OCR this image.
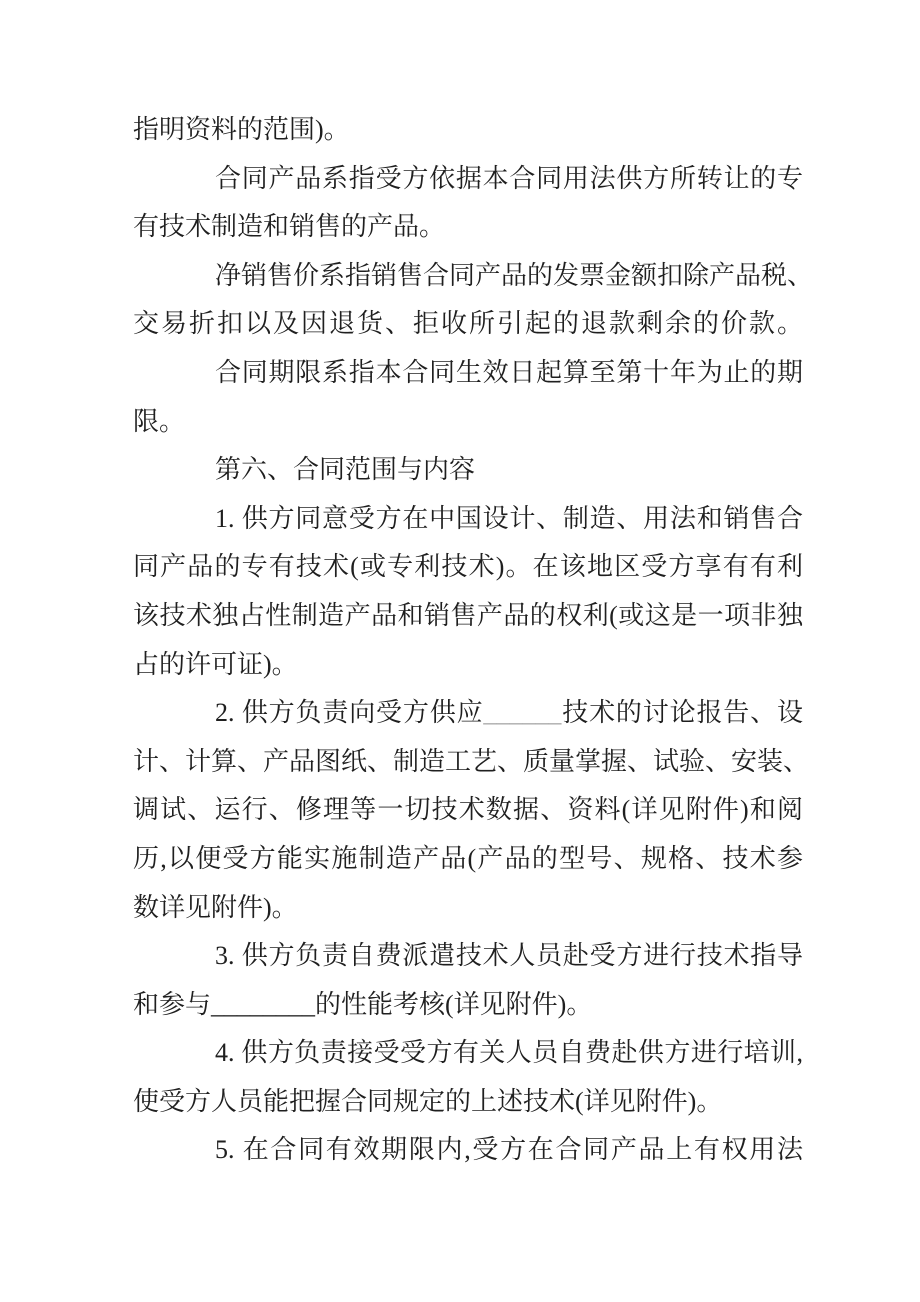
指明资料的范围)。
合同产品系指受方依据本合同用法供方所转让的专
有技术制造和销售的产品。
净销售价系指销售合同产品的发票金额扣除产品税、
交易折扣以及因退货、拒收所引起的退款剩余的价款。
合同期限系指本合同生效日起算至第十年为止的期
限。
第六、合同范围与内容
1. 供方同意受方在中国设计、制造、用法和销售合
同产品的专有技术(或专利技术)。在该地区受方享有有利
该技术独占性制造产品和销售产品的权利(或这是一项非独
占的许可证)。
2. 供方负责向受方供应______技术的讨论报告、设
计、计算、产品图纸、制造工艺、质量掌握、试验、安装、
调试、运行、修理等一切技术数据、资料(详见附件)和阅
历,以便受方能实施制造产品(产品的型号、规格、技术参
数详见附件)。
3. 供方负责自费派遣技术人员赴受方进行技术指导
和参与________的性能考核(详见附件)。
4. 供方负责接受受方有关人员自费赴供方进行培训,
使受方人员能把握合同规定的上述技术(详见附件)。
5. 在合同有效期限内,受方在合同产品上有权用法
